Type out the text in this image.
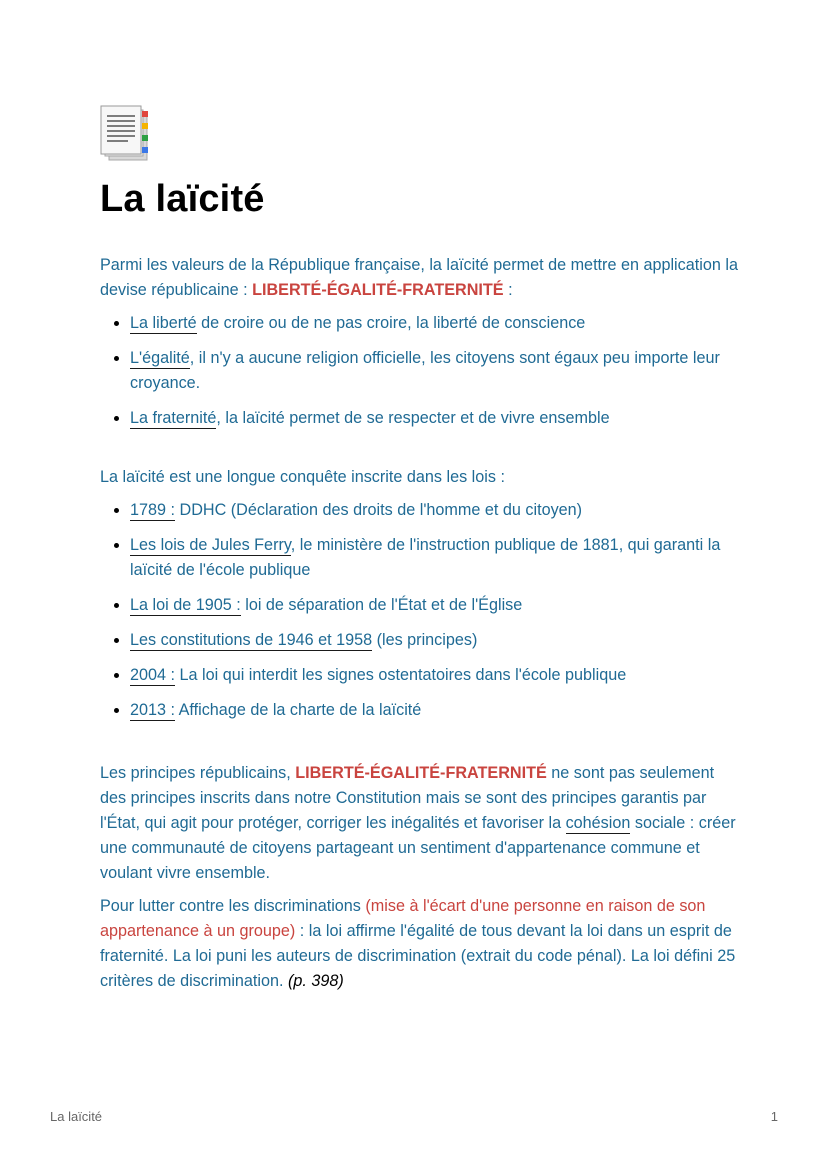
La laïcité

Parmi les valeurs de la République française, la laïcité permet de mettre en application la devise républicaine : LIBERTÉ-ÉGALITÉ-FRATERNITÉ :

La liberté de croire ou de ne pas croire, la liberté de conscience
L'égalité, il n'y a aucune religion officielle, les citoyens sont égaux peu importe leur croyance.
La fraternité, la laïcité permet de se respecter et de vivre ensemble

La laïcité est une longue conquête inscrite dans les lois :

1789 : DDHC (Déclaration des droits de l'homme et du citoyen)
Les lois de Jules Ferry, le ministère de l'instruction publique de 1881, qui garanti la laïcité de l'école publique
La loi de 1905 : loi de séparation de l'État et de l'Église
Les constitutions de 1946 et 1958 (les principes)
2004 : La loi qui interdit les signes ostentatoires dans l'école publique
2013 : Affichage de la charte de la laïcité

Les principes républicains, LIBERTÉ-ÉGALITÉ-FRATERNITÉ ne sont pas seulement des principes inscrits dans notre Constitution mais se sont des principes garantis par l'État, qui agit pour protéger, corriger les inégalités et favoriser la cohésion sociale : créer une communauté de citoyens partageant un sentiment d'appartenance commune et voulant vivre ensemble.

Pour lutter contre les discriminations (mise à l'écart d'une personne en raison de son appartenance à un groupe) : la loi affirme l'égalité de tous devant la loi dans un esprit de fraternité. La loi puni les auteurs de discrimination (extrait du code pénal). La loi défini 25 critères de discrimination. (p. 398)

La laïcité	1
